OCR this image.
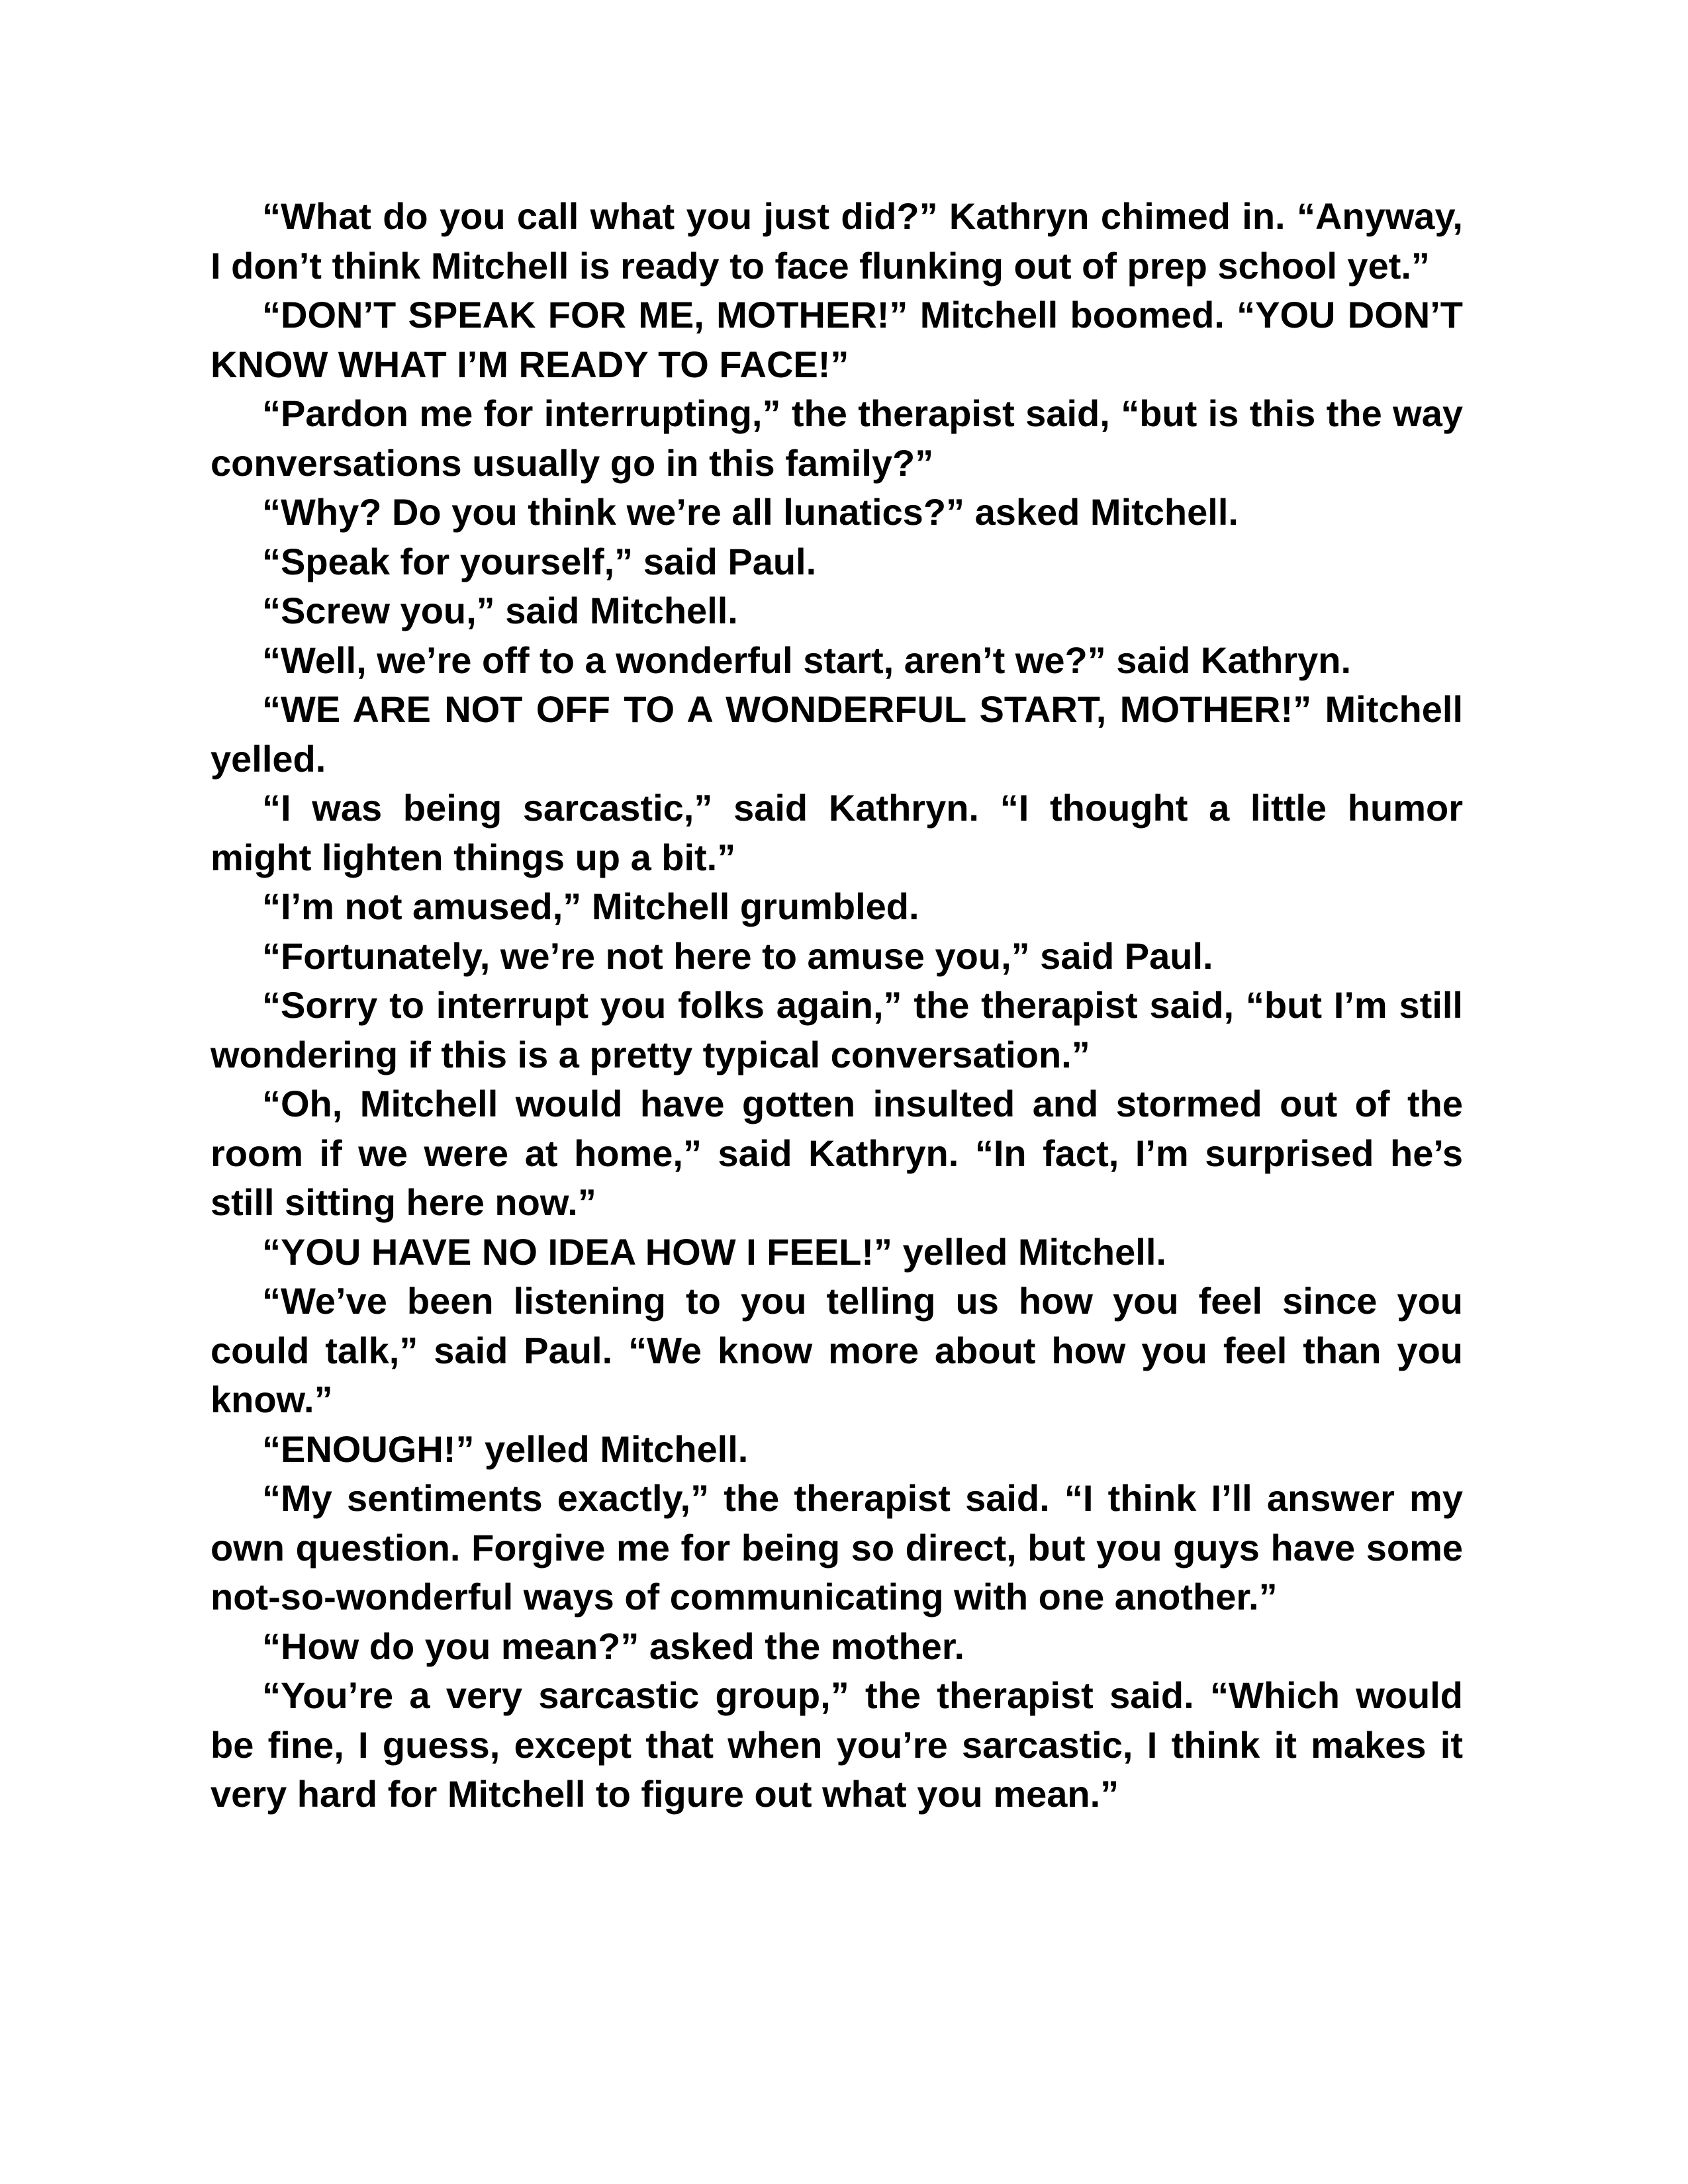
“What do you call what you just did?” Kathryn chimed in. “Anyway, I don’t think Mitchell is ready to face flunking out of prep school yet.”

“DON’T SPEAK FOR ME, MOTHER!” Mitchell boomed. “YOU DON’T KNOW WHAT I’M READY TO FACE!”

“Pardon me for interrupting,” the therapist said, “but is this the way conversations usually go in this family?”

“Why? Do you think we’re all lunatics?” asked Mitchell.

“Speak for yourself,” said Paul.

“Screw you,” said Mitchell.

“Well, we’re off to a wonderful start, aren’t we?” said Kathryn.

“WE ARE NOT OFF TO A WONDERFUL START, MOTHER!” Mitchell yelled.

“I was being sarcastic,” said Kathryn. “I thought a little humor might lighten things up a bit.”

“I’m not amused,” Mitchell grumbled.

“Fortunately, we’re not here to amuse you,” said Paul.

“Sorry to interrupt you folks again,” the therapist said, “but I’m still wondering if this is a pretty typical conversation.”

“Oh, Mitchell would have gotten insulted and stormed out of the room if we were at home,” said Kathryn. “In fact, I’m surprised he’s still sitting here now.”

“YOU HAVE NO IDEA HOW I FEEL!” yelled Mitchell.

“We’ve been listening to you telling us how you feel since you could talk,” said Paul. “We know more about how you feel than you know.”

“ENOUGH!” yelled Mitchell.

“My sentiments exactly,” the therapist said. “I think I’ll answer my own question. Forgive me for being so direct, but you guys have some not-so-wonderful ways of communicating with one another.”

“How do you mean?” asked the mother.

“You’re a very sarcastic group,” the therapist said. “Which would be fine, I guess, except that when you’re sarcastic, I think it makes it very hard for Mitchell to figure out what you mean.”
